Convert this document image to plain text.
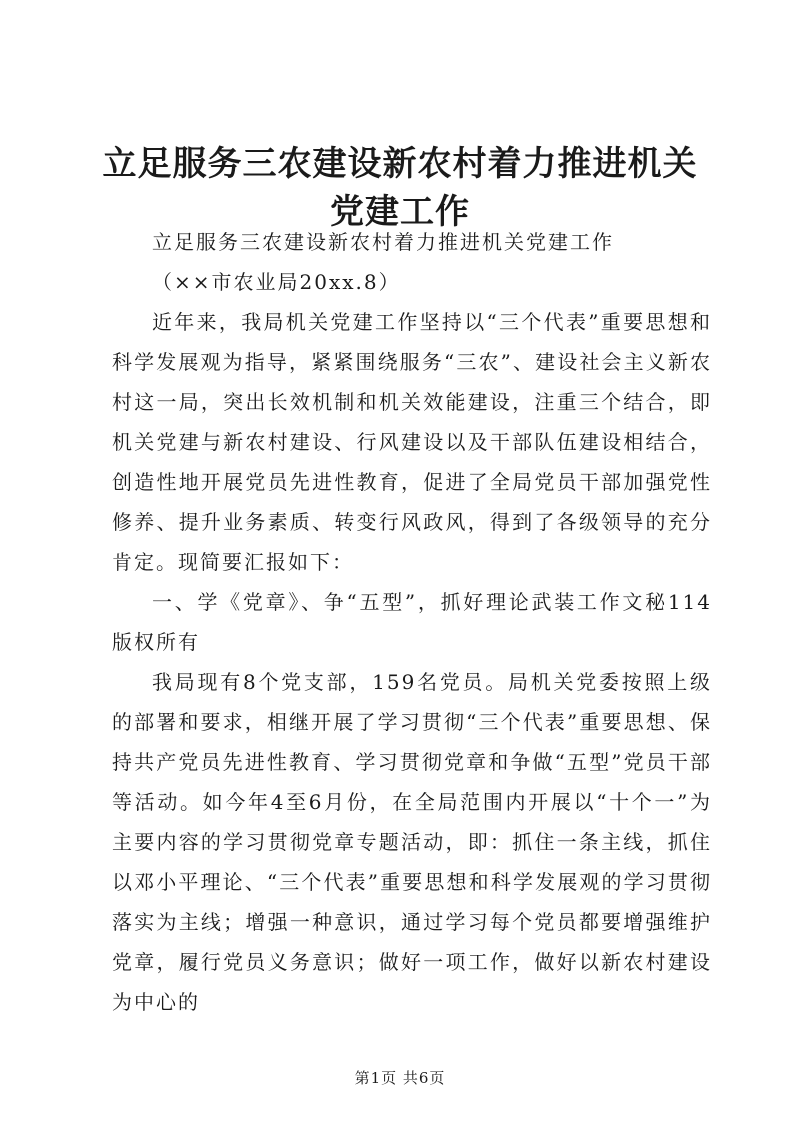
立足服务三农建设新农村着力推进机关党建工作

立足服务三农建设新农村着力推进机关党建工作

（××市农业局20xx.8）

近年来，我局机关党建工作坚持以“三个代表”重要思想和科学发展观为指导，紧紧围绕服务“三农”、建设社会主义新农村这一局，突出长效机制和机关效能建设，注重三个结合，即机关党建与新农村建设、行风建设以及干部队伍建设相结合，创造性地开展党员先进性教育，促进了全局党员干部加强党性修养、提升业务素质、转变行风政风，得到了各级领导的充分肯定。现简要汇报如下：

一、学《党章》、争“五型”，抓好理论武装工作文秘114版权所有

我局现有8个党支部，159名党员。局机关党委按照上级的部署和要求，相继开展了学习贯彻“三个代表”重要思想、保持共产党员先进性教育、学习贯彻党章和争做“五型”党员干部等活动。如今年4至6月份，在全局范围内开展以“十个一”为主要内容的学习贯彻党章专题活动，即：抓住一条主线，抓住以邓小平理论、“三个代表”重要思想和科学发展观的学习贯彻落实为主线；增强一种意识，通过学习每个党员都要增强维护党章，履行党员义务意识；做好一项工作，做好以新农村建设为中心的

第1页 共6页
